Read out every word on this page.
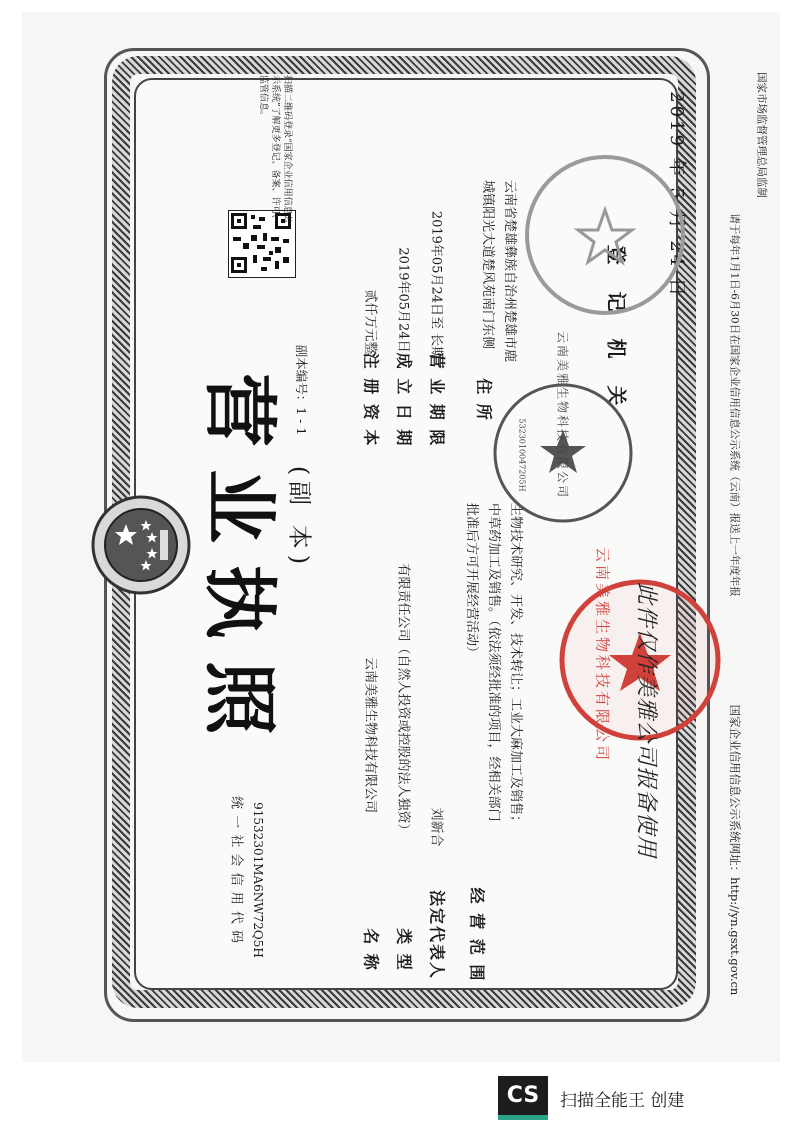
营业执照 (副 本)
副本编号：1 - 1
扫描二维码登录“国家企业信用信息公示系统”了解更多登记、备案、许可、监管信息。
统 一 社 会 信 用 代 码 91532301MA6NW72Q5H	名 称
云南美雅生物科技有限公司
类 型
有限责任公司（自然人投资或控股的法人独资）
法定代表人
刘新合
经 营 范 围
生物技术研究、开发、技术转让；工业大麻加工及销售；中草药加工及销售。（依法须经批准的项目，经相关部门批准后方可开展经营活动）
注 册 资 本
贰仟万元整
成 立 日 期
2019年05月24日
营 业 期 限
2019年05月24日至 长期
住 所
云南省楚雄彝族自治州楚雄市鹿城镇阳光大道楚风苑南门东侧	登 记 机 关
2019 年 5 月 24 日
云南美雅生物科技有限公司
5323010047205H
云南美雅生物科技有限公司 此件仅作美雅公司报备使用	国家企业信用信息公示系统网址：http://yn.gsxt.gov.cn
请于每年1月1日-6月30日在国家企业信用信息公示系统（云南）报送上一年度年报
国家市场监督管理总局监制
CS	扫描全能王 创建
